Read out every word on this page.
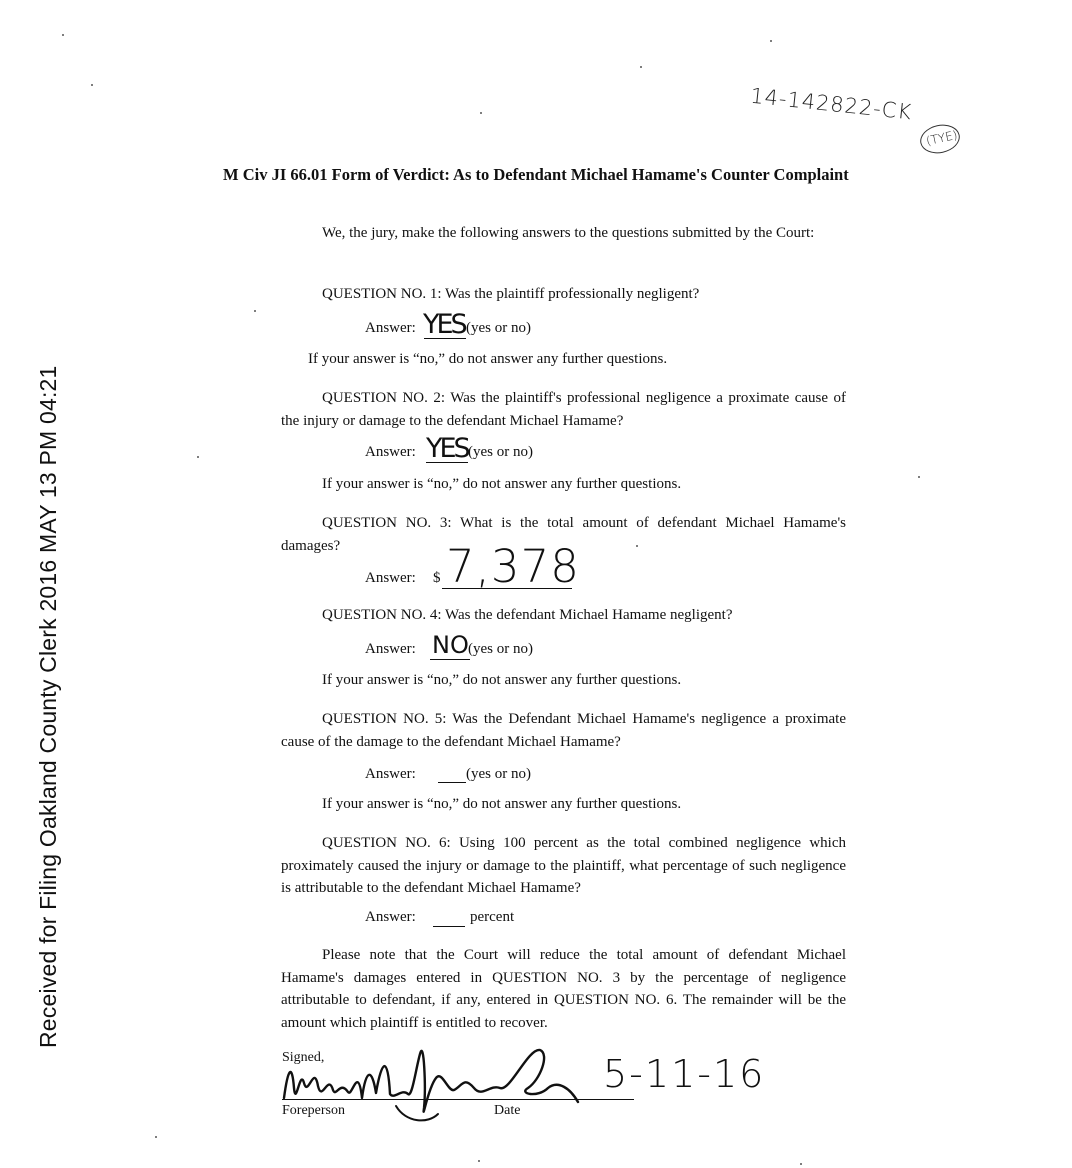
Received for Filing Oakland County Clerk 2016 MAY 13 PM 04:21
14-142822-CK
(TYE)
M Civ JI 66.01 Form of Verdict: As to Defendant Michael Hamame's Counter Complaint
We, the jury, make the following answers to the questions submitted by the Court:
QUESTION NO. 1: Was the plaintiff professionally negligent?
Answer: YES (yes or no)
If your answer is “no,” do not answer any further questions.
QUESTION NO. 2: Was the plaintiff's professional negligence a proximate cause of the injury or damage to the defendant Michael Hamame?
Answer: YES (yes or no)
If your answer is “no,” do not answer any further questions.
QUESTION NO. 3: What is the total amount of defendant Michael Hamame's damages?
Answer: $ 7,378
QUESTION NO. 4: Was the defendant Michael Hamame negligent?
Answer: NO (yes or no)
If your answer is “no,” do not answer any further questions.
QUESTION NO. 5: Was the Defendant Michael Hamame's negligence a proximate cause of the damage to the defendant Michael Hamame?
Answer:	(yes or no)
If your answer is “no,” do not answer any further questions.
QUESTION NO. 6: Using 100 percent as the total combined negligence which proximately caused the injury or damage to the plaintiff, what percentage of such negligence is attributable to the defendant Michael Hamame?
Answer:	percent
Please note that the Court will reduce the total amount of defendant Michael Hamame's damages entered in QUESTION NO. 3 by the percentage of negligence attributable to defendant, if any, entered in QUESTION NO. 6. The remainder will be the amount which plaintiff is entitled to recover.
Signed,	5-11-16
Foreperson	Date
